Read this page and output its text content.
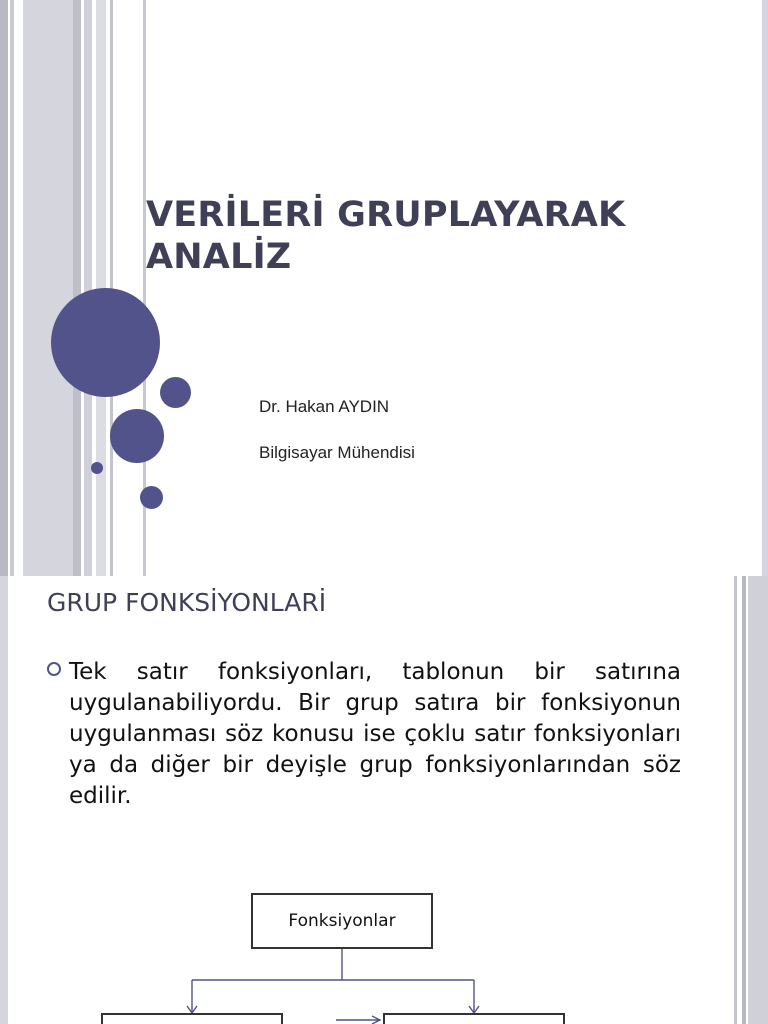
VERİLERİ GRUPLAYARAK ANALİZ

Dr. Hakan AYDIN

Bilgisayar Mühendisi

GRUP FONKSİYONLARİ

Tek satır fonksiyonları, tablonun bir satırına uygulanabiliyordu. Bir grup satıra bir fonksiyonun uygulanması söz konusu ise çoklu satır fonksiyonları ya da diğer bir deyişle grup fonksiyonlarından söz edilir.

Fonksiyonlar
